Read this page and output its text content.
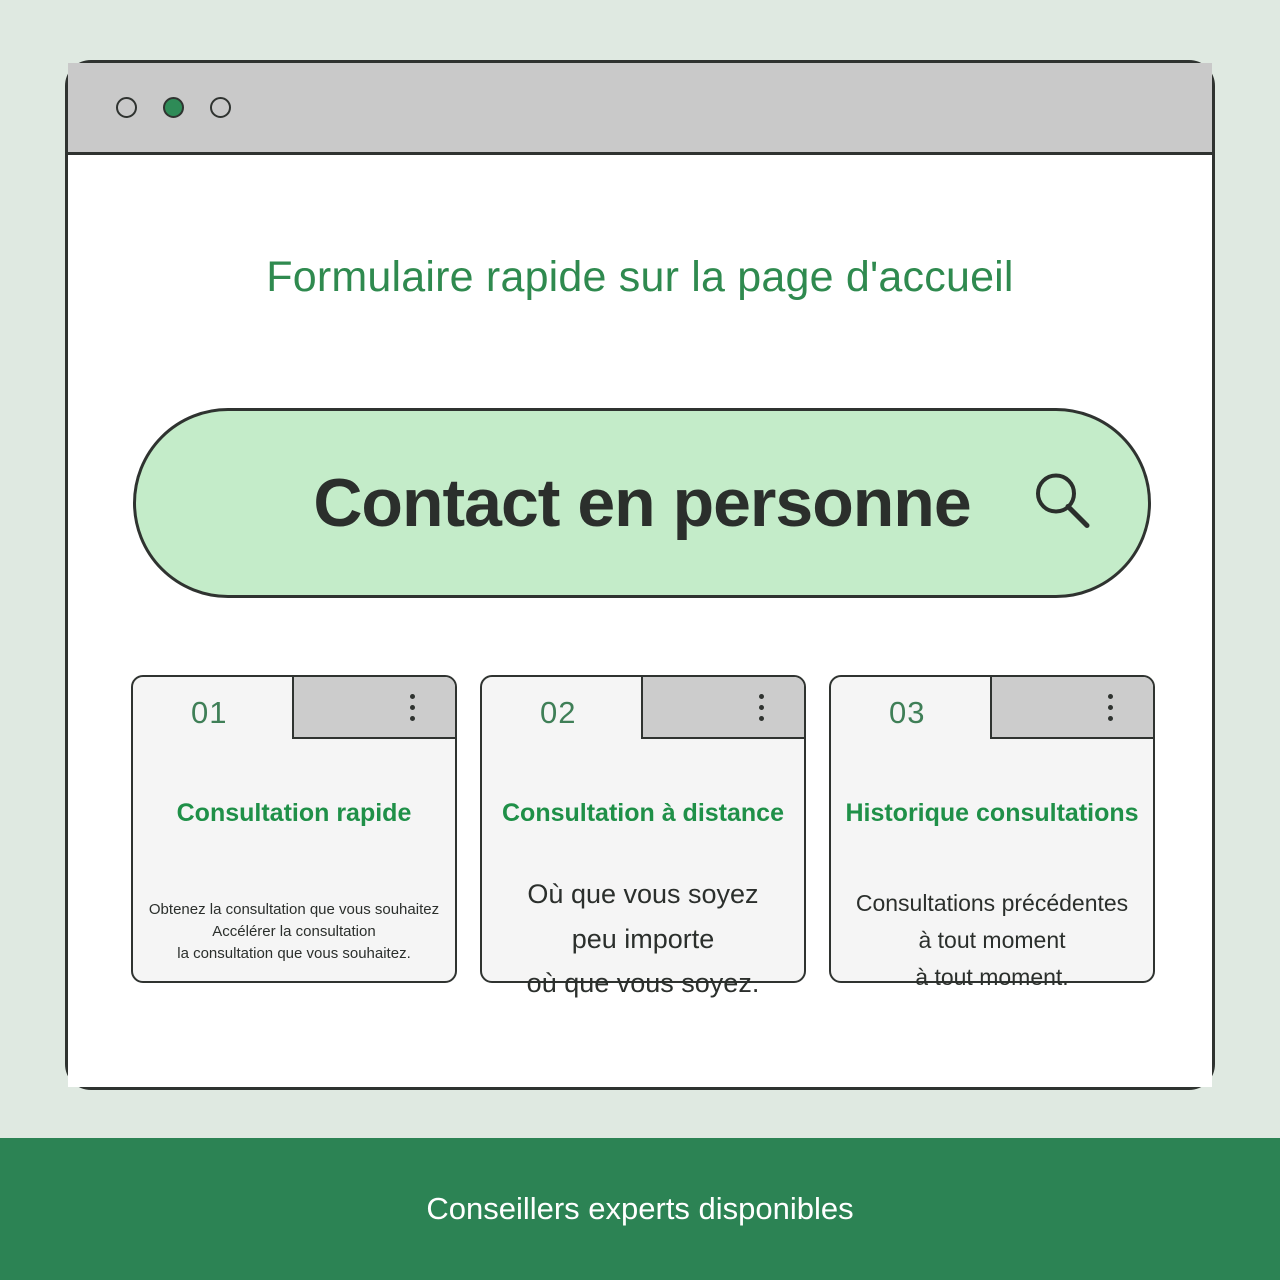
Formulaire rapide sur la page d'accueil
Contact en personne
01
Consultation rapide
Obtenez la consultation que vous souhaitez
Accélérer la consultation
la consultation que vous souhaitez.
02
Consultation à distance
Où que vous soyez
peu importe
où que vous soyez.
03
Historique consultations
Consultations précédentes
à tout moment
à tout moment.
Conseillers experts disponibles
